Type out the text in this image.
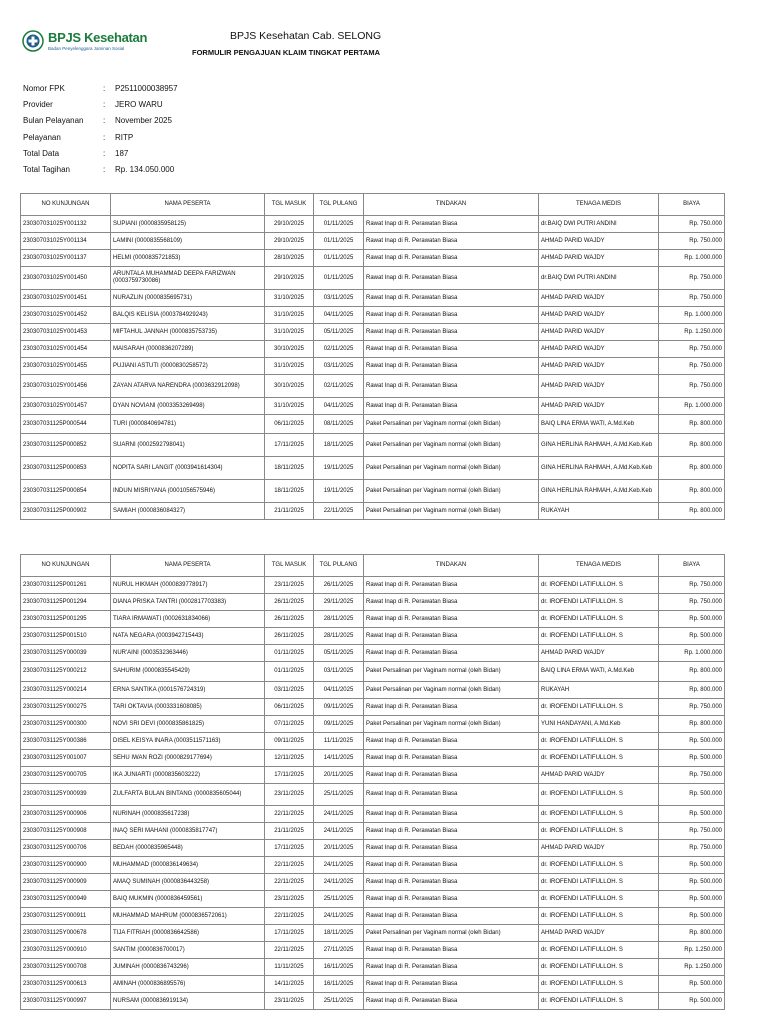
BPJS Kesehatan
Badan Penyelenggara Jaminan Sosial
BPJS Kesehatan Cab. SELONG
FORMULIR PENGAJUAN KLAIM TINGKAT PERTAMA
Nomor FPK	:	P2511000038957
Provider	:	JERO WARU
Bulan Pelayanan	:	November 2025
Pelayanan	:	RITP
Total Data	:	187
Total Tagihan	:	Rp. 134.050.000
NO KUNJUNGAN	NAMA PESERTA	TGL MASUK	TGL PULANG	TINDAKAN	TENAGA MEDIS	BIAYA
230307031025Y001132	SUPIANI (0000835958125)	29/10/2025	01/11/2025	Rawat Inap di R. Perawatan Biasa	dr.BAIQ DWI PUTRI ANDINI	Rp. 750.000
230307031025Y001134	LAMINI (0000835568109)	29/10/2025	01/11/2025	Rawat Inap di R. Perawatan Biasa	AHMAD PARID WAJDY	Rp. 750.000
230307031025Y001137	HELMI (0000835721853)	28/10/2025	01/11/2025	Rawat Inap di R. Perawatan Biasa	AHMAD PARID WAJDY	Rp. 1.000.000
230307031025Y001450	ARUNTALA MUHAMMAD DEEPA FARIZWAN (0003759730086)	29/10/2025	01/11/2025	Rawat Inap di R. Perawatan Biasa	dr.BAIQ DWI PUTRI ANDINI	Rp. 750.000
230307031025Y001451	NURAZLIN (0000835695731)	31/10/2025	03/11/2025	Rawat Inap di R. Perawatan Biasa	AHMAD PARID WAJDY	Rp. 750.000
230307031025Y001452	BALQIS KELISIA (0003784929243)	31/10/2025	04/11/2025	Rawat Inap di R. Perawatan Biasa	AHMAD PARID WAJDY	Rp. 1.000.000
230307031025Y001453	MIFTAHUL JANNAH (0000835753735)	31/10/2025	05/11/2025	Rawat Inap di R. Perawatan Biasa	AHMAD PARID WAJDY	Rp. 1.250.000
230307031025Y001454	MAISARAH (0000836207289)	30/10/2025	02/11/2025	Rawat Inap di R. Perawatan Biasa	AHMAD PARID WAJDY	Rp. 750.000
230307031025Y001455	PUJIANI ASTUTI (0000830258572)	31/10/2025	03/11/2025	Rawat Inap di R. Perawatan Biasa	AHMAD PARID WAJDY	Rp. 750.000
230307031025Y001456	ZAYAN ATARVA NARENDRA (0003632912098)	30/10/2025	02/11/2025	Rawat Inap di R. Perawatan Biasa	AHMAD PARID WAJDY	Rp. 750.000
230307031025Y001457	DYAN NOVIANI (0003353269498)	31/10/2025	04/11/2025	Rawat Inap di R. Perawatan Biasa	AHMAD PARID WAJDY	Rp. 1.000.000
230307031125P000544	TURI (0000840694781)	06/11/2025	08/11/2025	Paket Persalinan per Vaginam normal (oleh Bidan)	BAIQ LINA ERMA WATI, A.Md.Keb	Rp. 800.000
230307031125P000852	SUARNI (0002592798041)	17/11/2025	18/11/2025	Paket Persalinan per Vaginam normal (oleh Bidan)	GINA HERLINA RAHMAH, A.Md.Keb.Keb	Rp. 800.000
230307031125P000853	NOPITA SARI LANGIT (0003941614304)	18/11/2025	19/11/2025	Paket Persalinan per Vaginam normal (oleh Bidan)	GINA HERLINA RAHMAH, A.Md.Keb.Keb	Rp. 800.000
230307031125P000854	INDUN MISRIYANA (0001056575946)	18/11/2025	19/11/2025	Paket Persalinan per Vaginam normal (oleh Bidan)	GINA HERLINA RAHMAH, A.Md.Keb.Keb	Rp. 800.000
230307031125P000902	SAMIAH (0000836084327)	21/11/2025	22/11/2025	Paket Persalinan per Vaginam normal (oleh Bidan)	RUKAYAH	Rp. 800.000
NO KUNJUNGAN	NAMA PESERTA	TGL MASUK	TGL PULANG	TINDAKAN	TENAGA MEDIS	BIAYA
230307031125P001261	NURUL HIKMAH (0000839778917)	23/11/2025	26/11/2025	Rawat Inap di R. Perawatan Biasa	dr. IROFENDI LATIFULLOH. S	Rp. 750.000
230307031125P001294	DIANA PRISKA TANTRI (0002817703383)	26/11/2025	29/11/2025	Rawat Inap di R. Perawatan Biasa	dr. IROFENDI LATIFULLOH. S	Rp. 750.000
230307031125P001295	TIARA IRMAWATI (0002631834066)	26/11/2025	28/11/2025	Rawat Inap di R. Perawatan Biasa	dr. IROFENDI LATIFULLOH. S	Rp. 500.000
230307031125P001510	NATA NEGARA (0003942715443)	26/11/2025	28/11/2025	Rawat Inap di R. Perawatan Biasa	dr. IROFENDI LATIFULLOH. S	Rp. 500.000
230307031125Y000039	NUR'AINI (0003532363446)	01/11/2025	05/11/2025	Rawat Inap di R. Perawatan Biasa	AHMAD PARID WAJDY	Rp. 1.000.000
230307031125Y000212	SAHURIM (0000835545429)	01/11/2025	03/11/2025	Paket Persalinan per Vaginam normal (oleh Bidan)	BAIQ LINA ERMA WATI, A.Md.Keb	Rp. 800.000
230307031125Y000214	ERNA SANTIKA (0001576724319)	03/11/2025	04/11/2025	Paket Persalinan per Vaginam normal (oleh Bidan)	RUKAYAH	Rp. 800.000
230307031125Y000275	TARI OKTAVIA (0003331608085)	06/11/2025	09/11/2025	Rawat Inap di R. Perawatan Biasa	dr. IROFENDI LATIFULLOH. S	Rp. 750.000
230307031125Y000300	NOVI SRI DEVI (0000835861825)	07/11/2025	09/11/2025	Paket Persalinan per Vaginam normal (oleh Bidan)	YUNI HANDAYANI, A.Md.Keb	Rp. 800.000
230307031125Y000386	DISEL KEISYA INARA (0003511571163)	09/11/2025	11/11/2025	Rawat Inap di R. Perawatan Biasa	dr. IROFENDI LATIFULLOH. S	Rp. 500.000
230307031125Y001007	SEHU IWAN ROZI (0000829177694)	12/11/2025	14/11/2025	Rawat Inap di R. Perawatan Biasa	dr. IROFENDI LATIFULLOH. S	Rp. 500.000
230307031125Y000705	IKA JUNIARTI (0000835603222)	17/11/2025	20/11/2025	Rawat Inap di R. Perawatan Biasa	AHMAD PARID WAJDY	Rp. 750.000
230307031125Y000939	ZULFARTA BULAN BINTANG (0000835605044)	23/11/2025	25/11/2025	Rawat Inap di R. Perawatan Biasa	dr. IROFENDI LATIFULLOH. S	Rp. 500.000
230307031125Y000906	NURINAH (0000835617238)	22/11/2025	24/11/2025	Rawat Inap di R. Perawatan Biasa	dr. IROFENDI LATIFULLOH. S	Rp. 500.000
230307031125Y000908	INAQ SERI MAHANI (0000835817747)	21/11/2025	24/11/2025	Rawat Inap di R. Perawatan Biasa	dr. IROFENDI LATIFULLOH. S	Rp. 750.000
230307031125Y000706	BEDAH (0000835965448)	17/11/2025	20/11/2025	Rawat Inap di R. Perawatan Biasa	AHMAD PARID WAJDY	Rp. 750.000
230307031125Y000900	MUHAMMAD (0000836149634)	22/11/2025	24/11/2025	Rawat Inap di R. Perawatan Biasa	dr. IROFENDI LATIFULLOH. S	Rp. 500.000
230307031125Y000909	AMAQ SUMINAH (0000836443258)	22/11/2025	24/11/2025	Rawat Inap di R. Perawatan Biasa	dr. IROFENDI LATIFULLOH. S	Rp. 500.000
230307031125Y000949	BAIQ MUKMIN (0000836459561)	23/11/2025	25/11/2025	Rawat Inap di R. Perawatan Biasa	dr. IROFENDI LATIFULLOH. S	Rp. 500.000
230307031125Y000911	MUHAMMAD MAHRUM (0000836572061)	22/11/2025	24/11/2025	Rawat Inap di R. Perawatan Biasa	dr. IROFENDI LATIFULLOH. S	Rp. 500.000
230307031125Y000678	TIJA FITRIAH (0000836642586)	17/11/2025	18/11/2025	Paket Persalinan per Vaginam normal (oleh Bidan)	AHMAD PARID WAJDY	Rp. 800.000
230307031125Y000910	SANTIM (0000836700017)	22/11/2025	27/11/2025	Rawat Inap di R. Perawatan Biasa	dr. IROFENDI LATIFULLOH. S	Rp. 1.250.000
230307031125Y000708	JUMINAH (0000836743296)	11/11/2025	16/11/2025	Rawat Inap di R. Perawatan Biasa	dr. IROFENDI LATIFULLOH. S	Rp. 1.250.000
230307031125Y000613	AMINAH (0000836895576)	14/11/2025	16/11/2025	Rawat Inap di R. Perawatan Biasa	dr. IROFENDI LATIFULLOH. S	Rp. 500.000
230307031125Y000997	NURSAM (0000836919134)	23/11/2025	25/11/2025	Rawat Inap di R. Perawatan Biasa	dr. IROFENDI LATIFULLOH. S	Rp. 500.000
